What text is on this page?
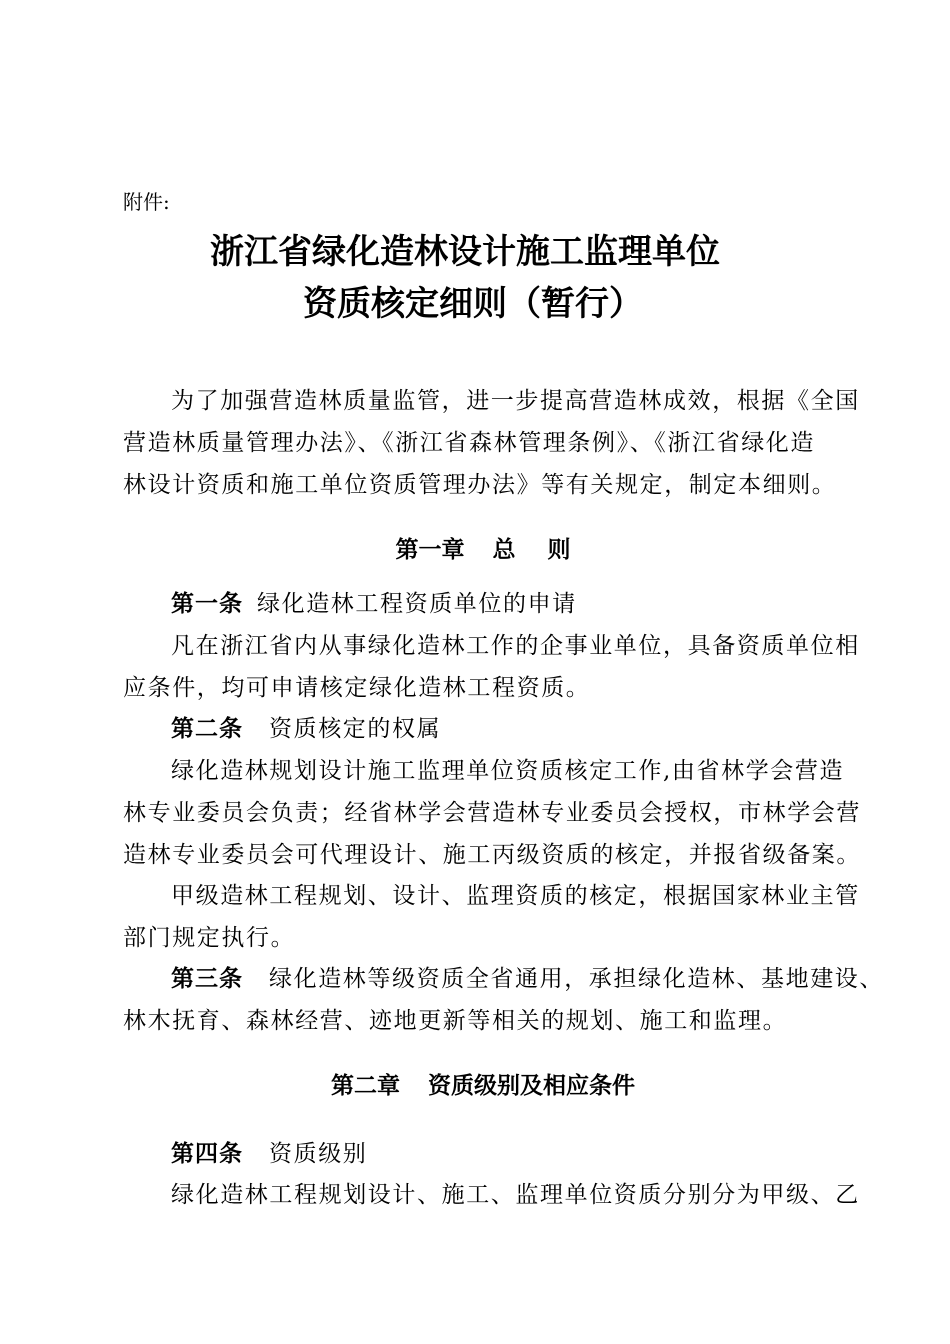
附件:
浙江省绿化造林设计施工监理单位
资质核定细则（暂行）
为了加强营造林质量监管，进一步提高营造林成效，根据《全国
营造林质量管理办法》、《浙江省森林管理条例》、《浙江省绿化造
林设计资质和施工单位资质管理办法》等有关规定，制定本细则。
第一章 总 则
第一条 绿化造林工程资质单位的申请
凡在浙江省内从事绿化造林工作的企事业单位，具备资质单位相
应条件，均可申请核定绿化造林工程资质。
第二条 资质核定的权属
绿化造林规划设计施工监理单位资质核定工作,由省林学会营造
林专业委员会负责；经省林学会营造林专业委员会授权，市林学会营
造林专业委员会可代理设计、施工丙级资质的核定，并报省级备案。
甲级造林工程规划、设计、监理资质的核定，根据国家林业主管
部门规定执行。
第三条 绿化造林等级资质全省通用，承担绿化造林、基地建设、
林木抚育、森林经营、迹地更新等相关的规划、施工和监理。
第二章 资质级别及相应条件
第四条 资质级别
绿化造林工程规划设计、施工、监理单位资质分别分为甲级、乙
